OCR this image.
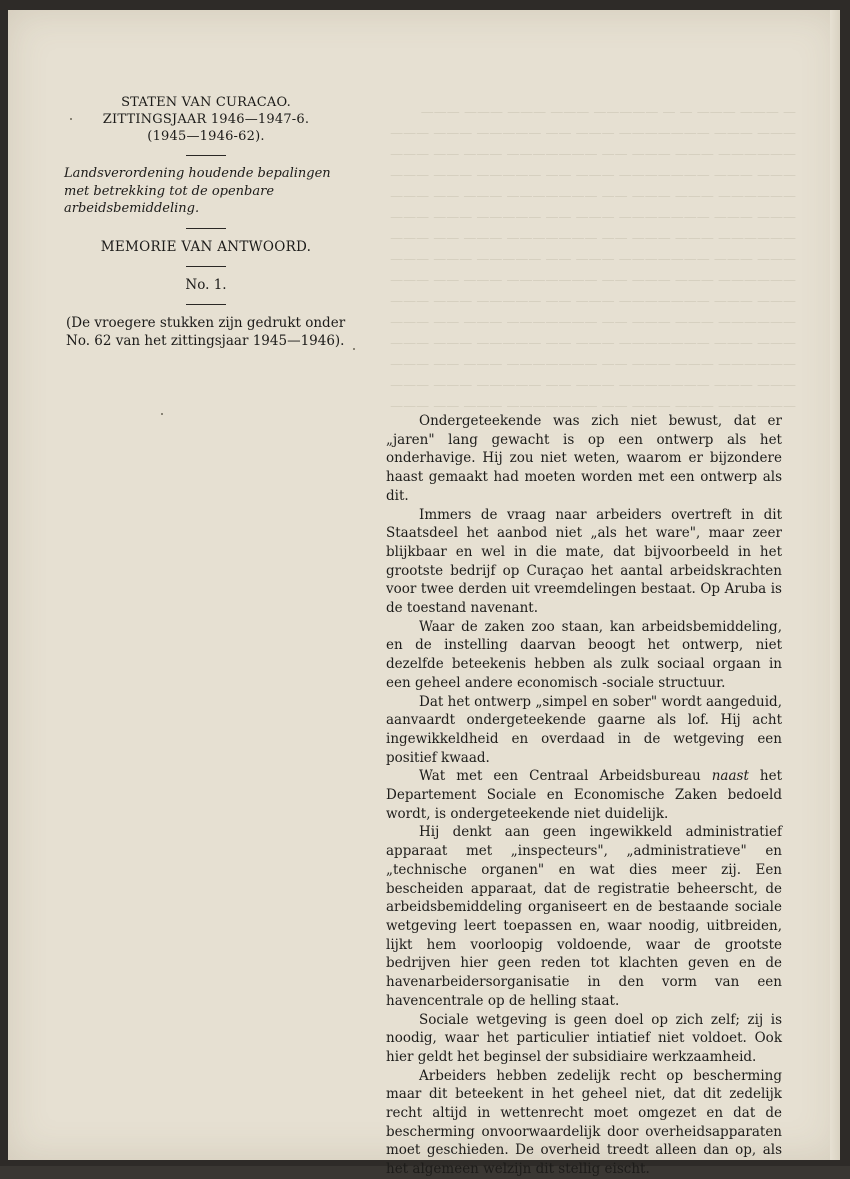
— ——— ——— — — ————— ——— ——— ——— ———
——— ——— ——————— ——— —— ————— ——— ———
—————— ——— ——— —— ——————— ——— —— ———
——— ——— ——————— ——— —— ————— ——— ———
—————— ——— ——— —— ——————— ——— —— ———
——— ——— ——————— ——— —— ————— ——— ———
—————— ——— ——— —— ——————— ——— —— ———
——— ——— ——————— ——— —— ————— ——— ———
—————— ——— ——— —— ——————— ——— —— ———
——— ——— ——————— ——— —— ————— ——— ———
—————— ——— ——— —— ——————— ——— —— ———
——— ——— ——————— ——— —— ————— ——— ———
—————— ——— ——— —— ——————— ——— —— ———
——— ——— ——————— ——— —— ————— ——— ———
—————— ——— ——— —— ——————— ——— —— ———
STATEN VAN CURACAO.
ZITTINGSJAAR 1946—1947-6.
(1945—1946-62).
Landsverordening houdende bepalingen met betrekking tot de openbare arbeidsbemiddeling.
MEMORIE VAN ANTWOORD.
No. 1.
(De vroegere stukken zijn gedrukt onder No. 62 van het zittingsjaar 1945—1946).

Ondergeteekende was zich niet bewust, dat er „jaren" lang gewacht is op een ontwerp als het onderhavige. Hij zou niet weten, waarom er bijzondere haast gemaakt had moeten worden met een ontwerp als dit.

Immers de vraag naar arbeiders overtreft in dit Staatsdeel het aanbod niet „als het ware", maar zeer blijkbaar en wel in die mate, dat bijvoorbeeld in het grootste bedrijf op Curaçao het aantal arbeidskrachten voor twee derden uit vreemdelingen bestaat. Op Aruba is de toestand navenant.

Waar de zaken zoo staan, kan arbeidsbemiddeling, en de instelling daarvan beoogt het ontwerp, niet dezelfde beteekenis hebben als zulk sociaal orgaan in een geheel andere economisch -sociale structuur.

Dat het ontwerp „simpel en sober" wordt aangeduid, aanvaardt ondergeteekende gaarne als lof. Hij acht ingewikkeldheid en overdaad in de wetgeving een positief kwaad.

Wat met een Centraal Arbeidsbureau naast het Departement Sociale en Economische Zaken bedoeld wordt, is ondergeteekende niet duidelijk.

Hij denkt aan geen ingewikkeld administratief apparaat met „inspecteurs", „administratieve" en „technische organen" en wat dies meer zij. Een bescheiden apparaat, dat de registratie beheerscht, de arbeidsbemiddeling organiseert en de bestaande sociale wetgeving leert toepassen en, waar noodig, uitbreiden, lijkt hem voorloopig voldoende, waar de grootste bedrijven hier geen reden tot klachten geven en de havenarbeidersorganisatie in den vorm van een havencentrale op de helling staat.

Sociale wetgeving is geen doel op zich zelf; zij is noodig, waar het particulier intiatief niet voldoet. Ook hier geldt het beginsel der subsidiaire werkzaamheid.

Arbeiders hebben zedelijk recht op bescherming maar dit beteekent in het geheel niet, dat dit zedelijk recht altijd in wettenrecht moet omgezet en dat de bescherming onvoorwaardelijk door overheidsapparaten moet geschieden. De overheid treedt alleen dan op, als het algemeen welzijn dit stellig eischt.
